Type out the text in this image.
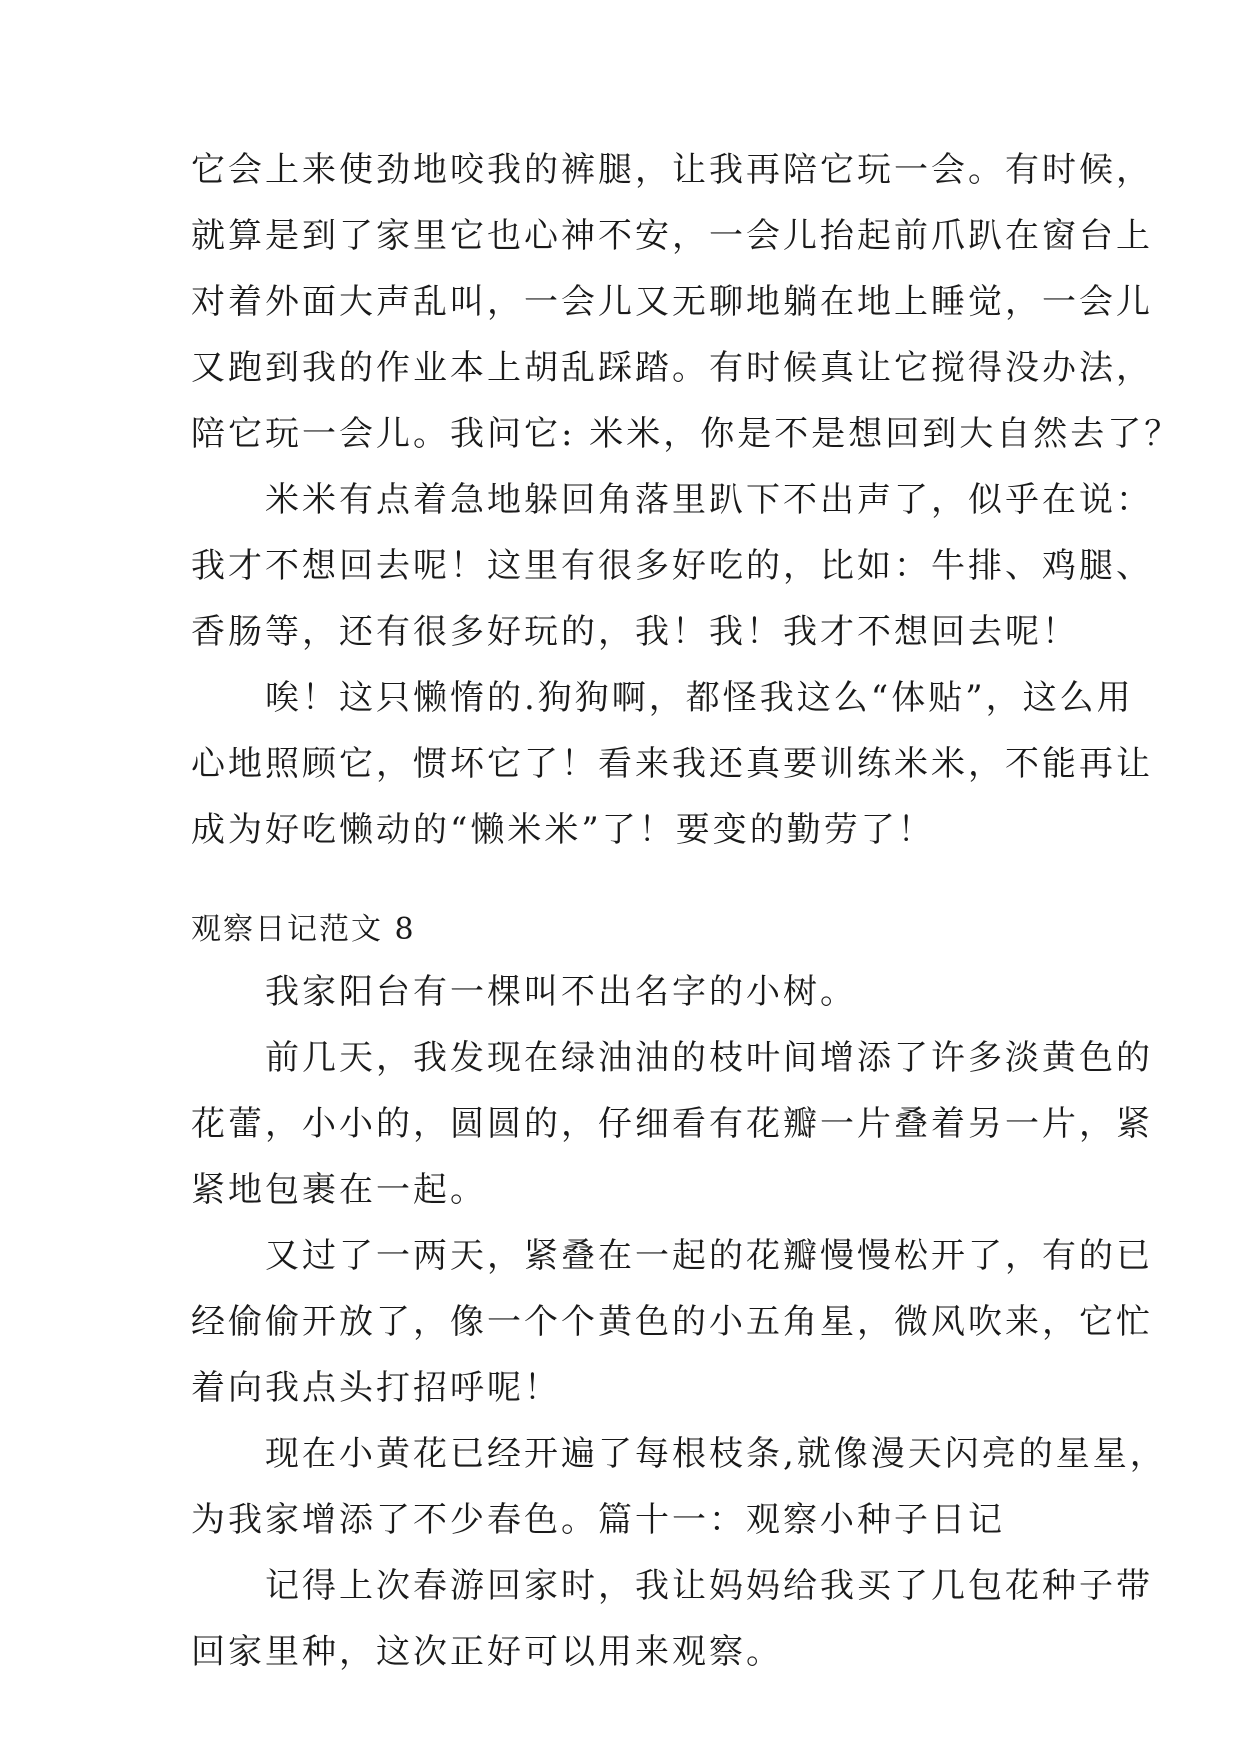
它会上来使劲地咬我的裤腿，让我再陪它玩一会。有时候，

就算是到了家里它也心神不安，一会儿抬起前爪趴在窗台上

对着外面大声乱叫，一会儿又无聊地躺在地上睡觉，一会儿

又跑到我的作业本上胡乱踩踏。有时候真让它搅得没办法，

陪它玩一会儿。我问它: 米米，你是不是想回到大自然去了？

　　米米有点着急地躲回角落里趴下不出声了，似乎在说：

我才不想回去呢！这里有很多好吃的，比如：牛排、鸡腿、

香肠等，还有很多好玩的，我！我！我才不想回去呢！

　　唉！这只懒惰的.狗狗啊，都怪我这么“体贴”，这么用

心地照顾它，惯坏它了！看来我还真要训练米米，不能再让

成为好吃懒动的“懒米米”了！要变的勤劳了！

观察日记范文 8

　　我家阳台有一棵叫不出名字的小树。

　　前几天，我发现在绿油油的枝叶间增添了许多淡黄色的

花蕾，小小的，圆圆的，仔细看有花瓣一片叠着另一片，紧

紧地包裹在一起。

　　又过了一两天，紧叠在一起的花瓣慢慢松开了，有的已

经偷偷开放了，像一个个黄色的小五角星，微风吹来，它忙

着向我点头打招呼呢！

　　现在小黄花已经开遍了每根枝条,就像漫天闪亮的星星，

为我家增添了不少春色。篇十一：观察小种子日记

　　记得上次春游回家时，我让妈妈给我买了几包花种子带

回家里种，这次正好可以用来观察。
